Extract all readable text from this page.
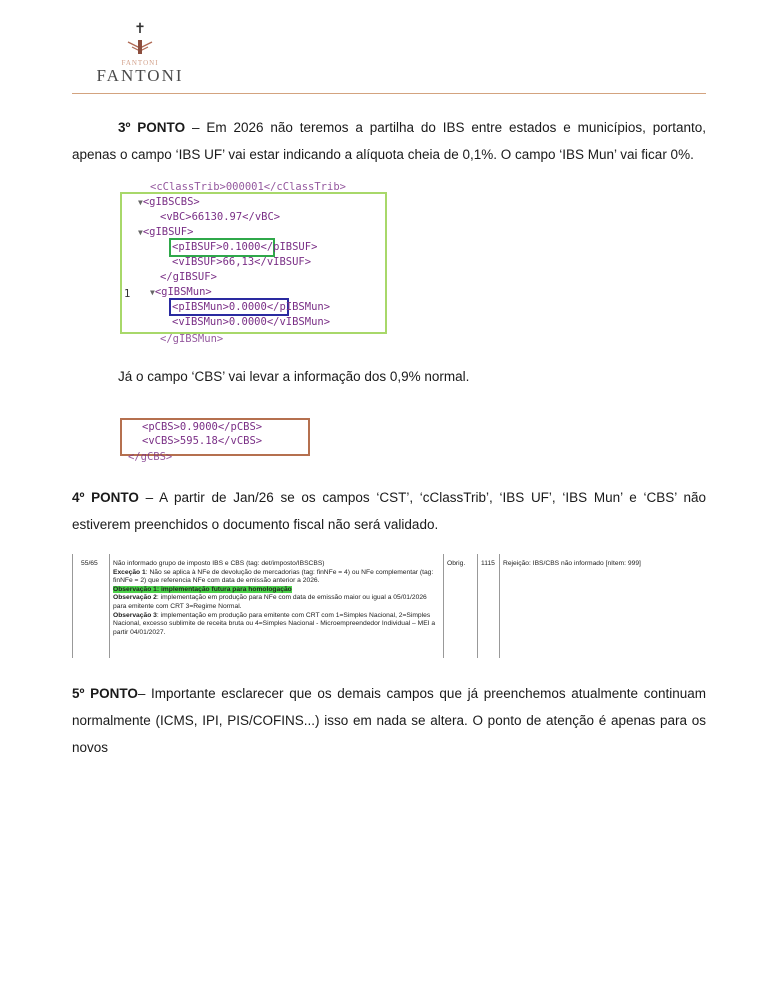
✝
FANTONI
FANTONI
3º PONTO – Em 2026 não teremos a partilha do IBS entre estados e municípios, portanto, apenas o campo ‘IBS UF’ vai estar indicando a alíquota cheia de 0,1%. O campo ‘IBS Mun’ vai ficar 0%.
<cClassTrib>000001</cClassTrib>
▼<gIBSCBS>
<vBC>66130.97</vBC>
▼<gIBSUF>
<pIBSUF>0.1000</pIBSUF>
<vIBSUF>66,13</vIBSUF>
</gIBSUF>
1 ▼<gIBSMun>
<pIBSMun>0.0000</pIBSMun>
<vIBSMun>0.0000</vIBSMun>
</gIBSMun>
Já o campo ‘CBS’ vai levar a informação dos 0,9% normal.
<pCBS>0.9000</pCBS>
<vCBS>595.18</vCBS>
</gCBS>
4º PONTO – A partir de Jan/26 se os campos ‘CST’, ‘cClassTrib’, ‘IBS UF’, ‘IBS Mun’ e ‘CBS’ não estiverem preenchidos o documento fiscal não será validado.
55/65	Não informado grupo de imposto IBS e CBS (tag: det/imposto/IBSCBS)
Exceção 1: Não se aplica à NFe de devolução de mercadorias (tag: finNFe = 4) ou NFe complementar (tag: finNFe = 2) que referencia NFe com data de emissão anterior a 2026.
Observação 1: implementação futura para homologação
Observação 2: implementação em produção para NFe com data de emissão maior ou igual a 05/01/2026 para emitente com CRT 3=Regime Normal.
Observação 3: implementação em produção para emitente com CRT com 1=Simples Nacional, 2=Simples Nacional, excesso sublimite de receita bruta ou 4=Simples Nacional - Microempreendedor Individual – MEI a partir 04/01/2027.
Obrig.	1115	Rejeição: IBS/CBS não informado [nItem: 999]
5º PONTO– Importante esclarecer que os demais campos que já preenchemos atualmente continuam normalmente (ICMS, IPI, PIS/COFINS...) isso em nada se altera. O ponto de atenção é apenas para os novos
